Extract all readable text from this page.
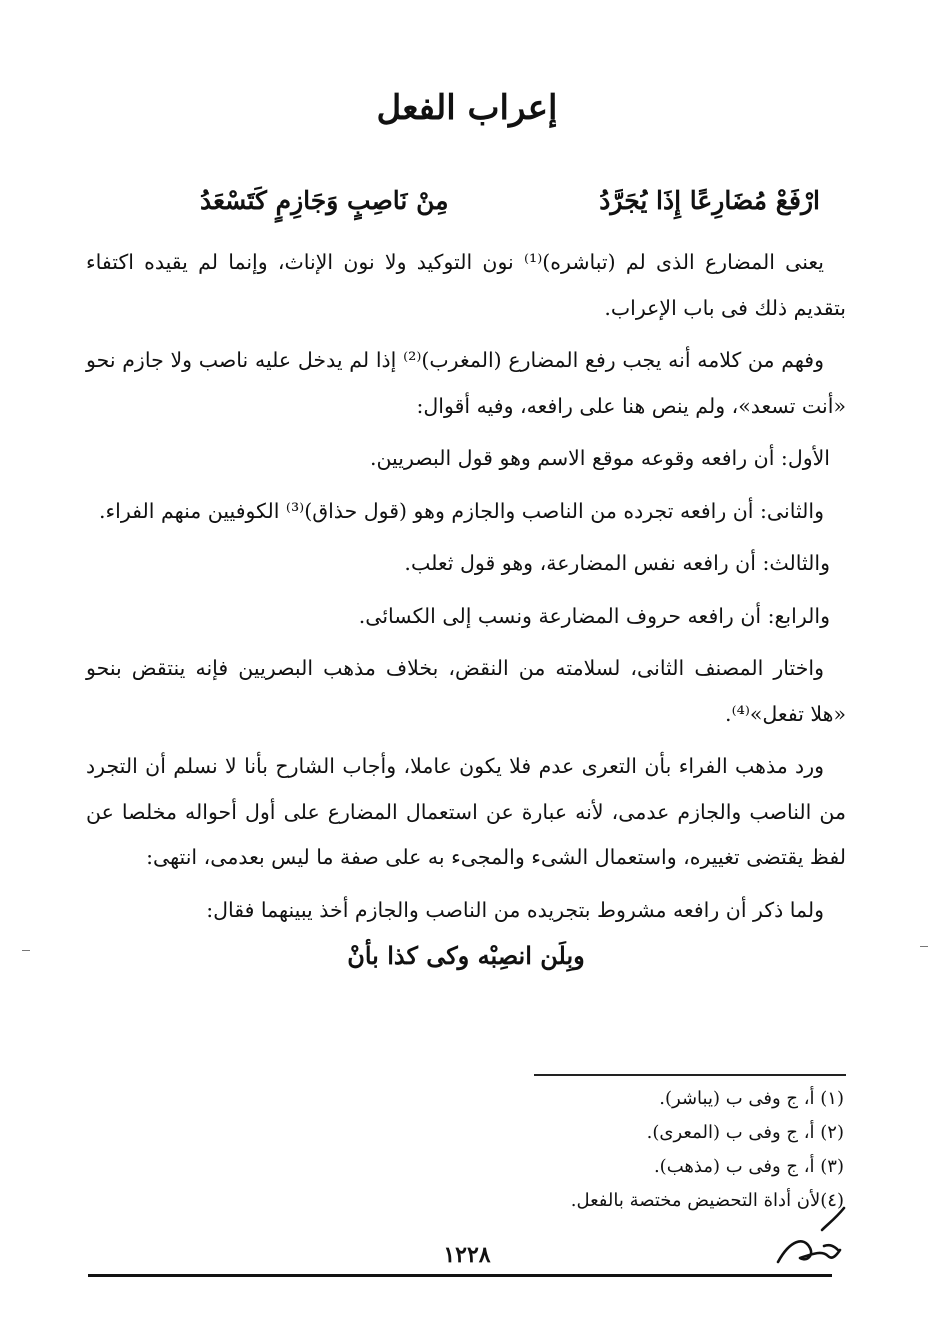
إعراب الفعل
ارْفَعْ مُضَارِعًا إِذَا يُجَرَّدُ
مِنْ نَاصِبٍ وَجَازِمٍ كَتَسْعَدُ

يعنى المضارع الذى لم (تباشره)⁽¹⁾ نون التوكيد ولا نون الإناث، وإنما لم يقيده اكتفاء بتقديم ذلك فى باب الإعراب.

وفهم من كلامه أنه يجب رفع المضارع (المغرب)⁽²⁾ إذا لم يدخل عليه ناصب ولا جازم نحو «أنت تسعد»، ولم ينص هنا على رافعه، وفيه أقوال:

الأول: أن رافعه وقوعه موقع الاسم وهو قول البصريين.

والثانى: أن رافعه تجرده من الناصب والجازم وهو (قول حذاق)⁽³⁾ الكوفيين منهم الفراء.

والثالث: أن رافعه نفس المضارعة، وهو قول ثعلب.

والرابع: أن رافعه حروف المضارعة ونسب إلى الكسائى.

واختار المصنف الثانى، لسلامته من النقض، بخلاف مذهب البصريين فإنه ينتقض بنحو «هلا تفعل»⁽⁴⁾.

ورد مذهب الفراء بأن التعرى عدم فلا يكون عاملا، وأجاب الشارح بأنا لا نسلم أن التجرد من الناصب والجازم عدمى، لأنه عبارة عن استعمال المضارع على أول أحواله مخلصا عن لفظ يقتضى تغييره، واستعمال الشىء والمجىء به على صفة ما ليس بعدمى، انتهى:

ولما ذكر أن رافعه مشروط بتجريده من الناصب والجازم أخذ يبينهما فقال:

وبِلَن انصِبْه وكى كذا بأنْ

(١) أ، ج وفى ب (يباشر).
(٢) أ، ج وفى ب (المعرى).
(٣) أ، ج وفى ب (مذهب).
(٤)لأن أداة التحضيض مختصة بالفعل.
١٢٢٨
